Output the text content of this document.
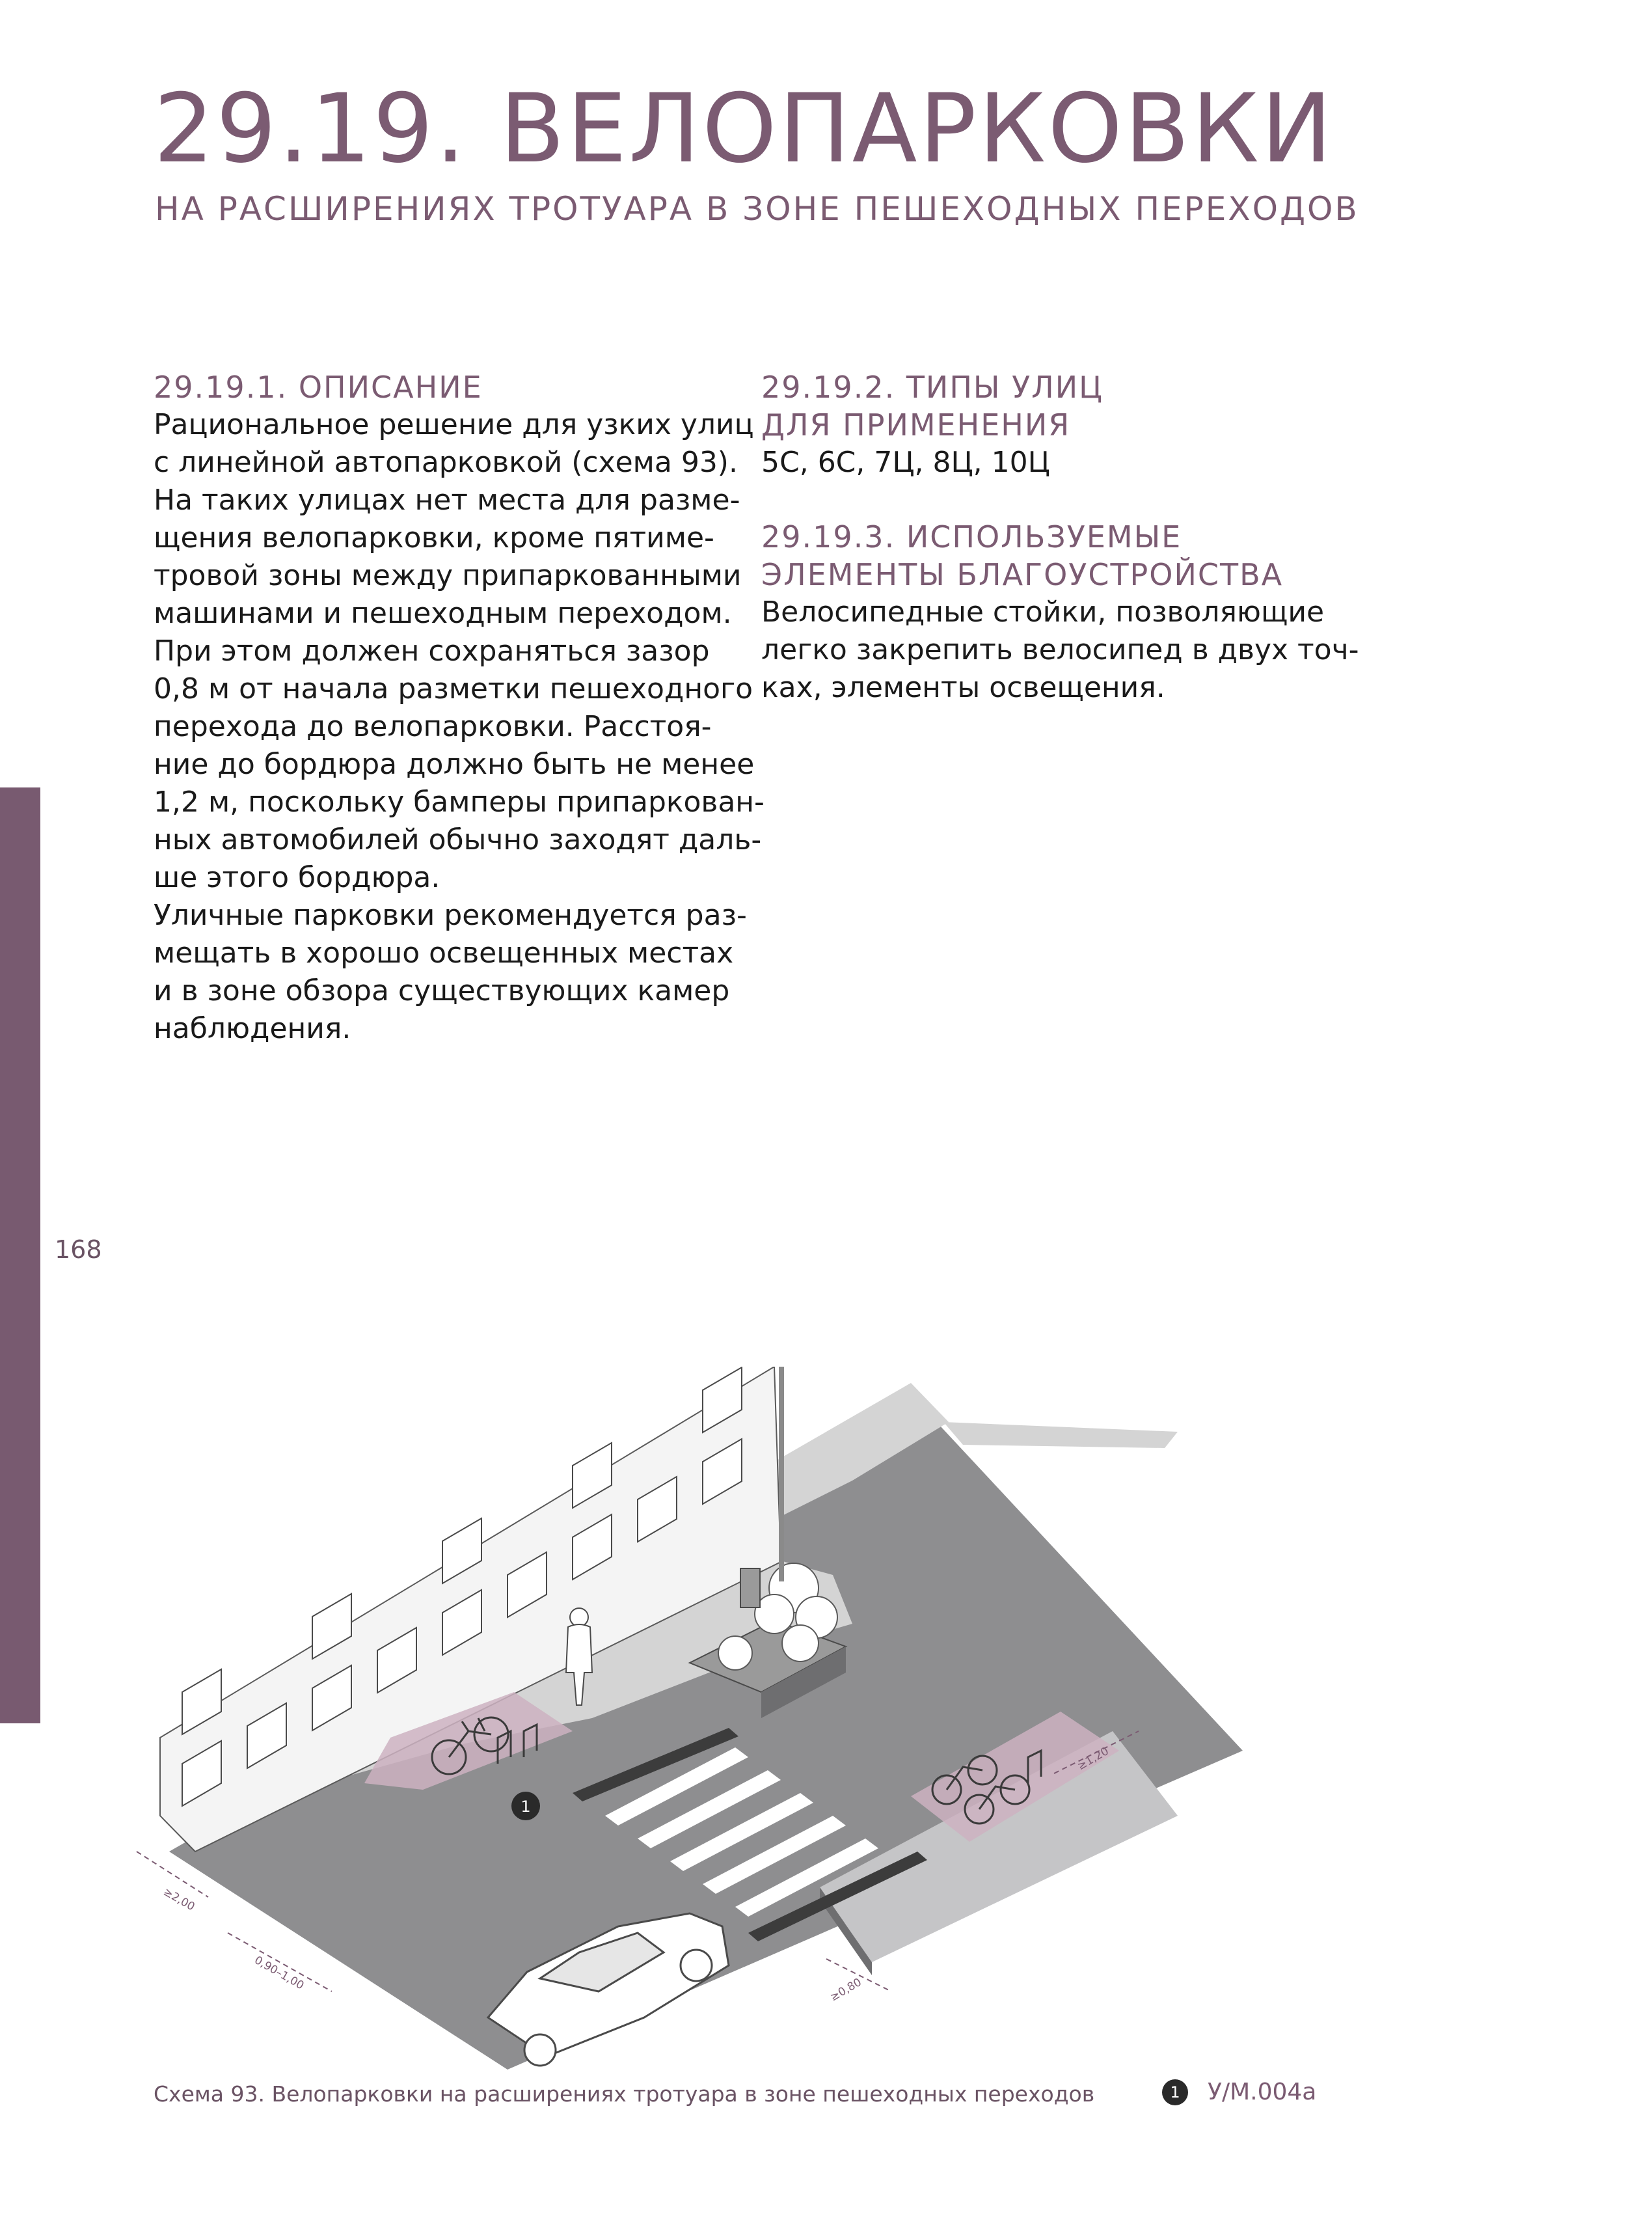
168
29.19. ВЕЛОПАРКОВКИ
НА РАСШИРЕНИЯХ ТРОТУАРА В ЗОНЕ ПЕШЕХОДНЫХ ПЕРЕХОДОВ
29.19.1. ОПИСАНИЕ

Рациональное решение для узких улиц
с линейной автопарковкой (схема 93).
На таких улицах нет места для разме-
щения велопарковки, кроме пятиме-
тровой зоны между припаркованными
машинами и пешеходным переходом.
При этом должен сохраняться зазор
0,8 м от начала разметки пешеходного
перехода до велопарковки. Расстоя-
ние до бордюра должно быть не менее
1,2 м, поскольку бамперы припаркован-
ных автомобилей обычно заходят даль-
ше этого бордюра.
Уличные парковки рекомендуется раз-
мещать в хорошо освещенных местах
и в зоне обзора существующих камер
наблюдения.

29.19.2. ТИПЫ УЛИЦ
ДЛЯ ПРИМЕНЕНИЯ

5С, 6С, 7Ц, 8Ц, 10Ц

29.19.3. ИСПОЛЬЗУЕМЫЕ
ЭЛЕМЕНТЫ БЛАГОУСТРОЙСТВА

Велосипедные стойки, позволяющие
легко закрепить велосипед в двух точ-
ках, элементы освещения.

1
≥2,00
0,90–1,00
≥1,20
≥0,80
Схема 93. Велопарковки на расширениях тротуара в зоне пешеходных переходов	1	У/М.004а
